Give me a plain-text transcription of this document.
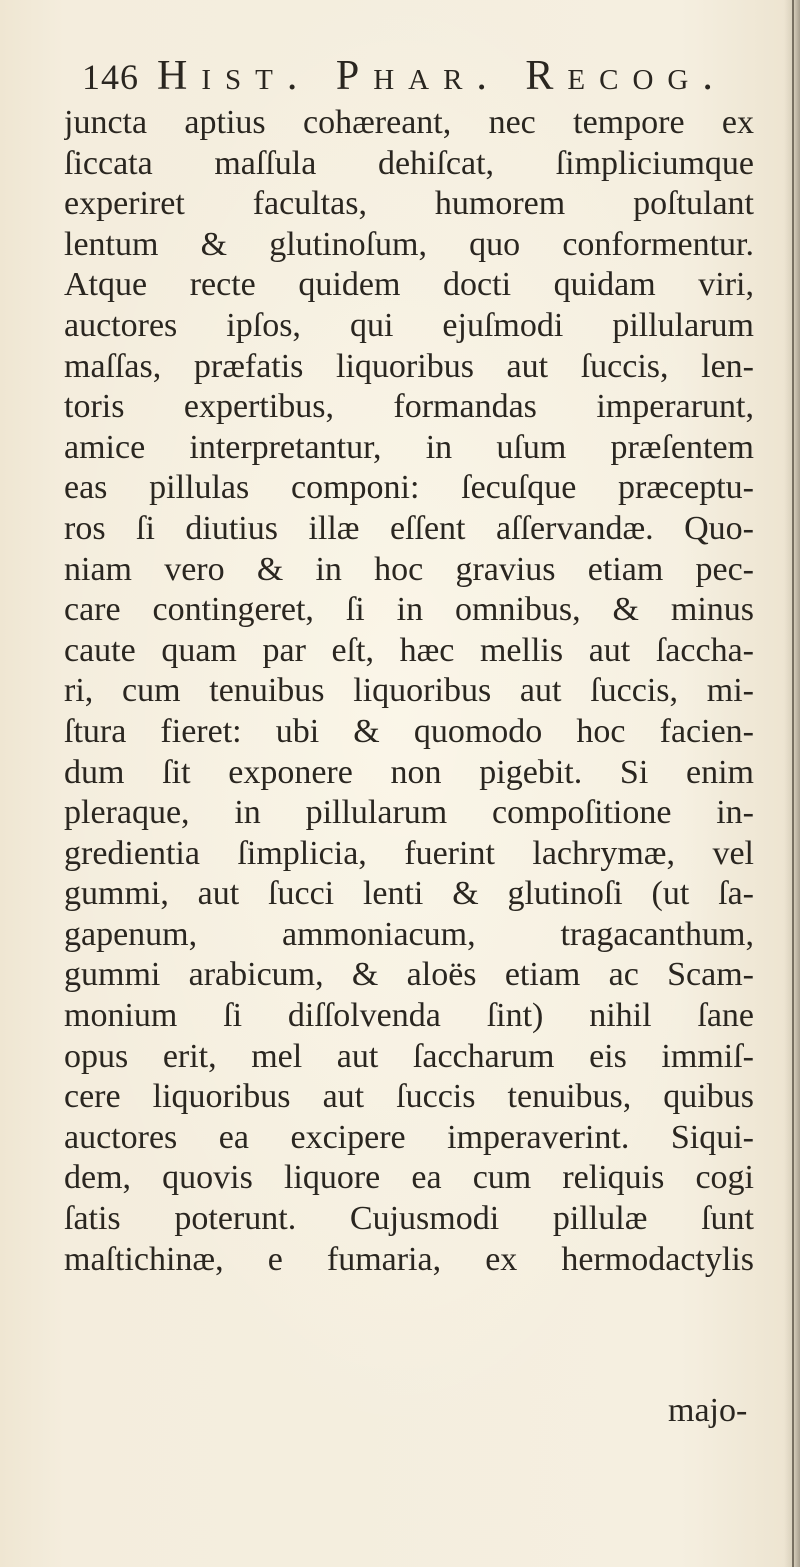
146 Hist. Phar. Recog.
juncta aptius cohæreant, nec tempore ex
ſiccata maſſula dehiſcat, ſimpliciumque
experiret facultas, humorem poſtulant
lentum & glutinoſum, quo conformentur.
Atque recte quidem docti quidam viri,
auctores ipſos, qui ejuſmodi pillularum
maſſas, præfatis liquoribus aut ſuccis, len-
toris expertibus, formandas imperarunt,
amice interpretantur, in uſum præſentem
eas pillulas componi: ſecuſque præceptu-
ros ſi diutius illæ eſſent aſſervandæ. Quo-
niam vero & in hoc gravius etiam pec-
care contingeret, ſi in omnibus, & minus
caute quam par eſt, hæc mellis aut ſaccha-
ri, cum tenuibus liquoribus aut ſuccis, mi-
ſtura fieret: ubi & quomodo hoc facien-
dum ſit exponere non pigebit. Si enim
pleraque, in pillularum compoſitione in-
gredientia ſimplicia, fuerint lachrymæ, vel
gummi, aut ſucci lenti & glutinoſi (ut ſa-
gapenum, ammoniacum, tragacanthum,
gummi arabicum, & aloës etiam ac Scam-
monium ſi diſſolvenda ſint) nihil ſane
opus erit, mel aut ſaccharum eis immiſ-
cere liquoribus aut ſuccis tenuibus, quibus
auctores ea excipere imperaverint. Siqui-
dem, quovis liquore ea cum reliquis cogi
ſatis poterunt. Cujusmodi pillulæ ſunt
maſtichinæ, e fumaria, ex hermodactylis
majo-
